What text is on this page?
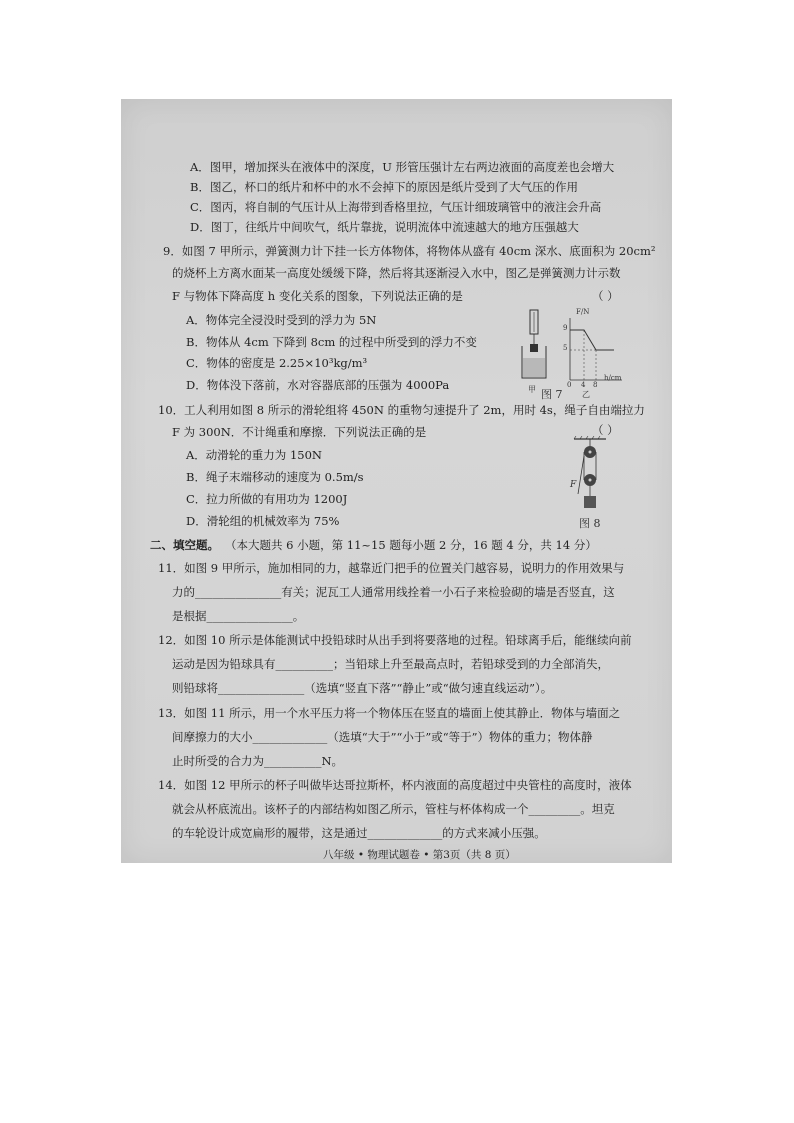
A．图甲，增加探头在液体中的深度，U 形管压强计左右两边液面的高度差也会增大
B．图乙，杯口的纸片和杯中的水不会掉下的原因是纸片受到了大气压的作用
C．图丙，将自制的气压计从上海带到香格里拉，气压计细玻璃管中的液注会升高
D．图丁，往纸片中间吹气，纸片靠拢，说明流体中流速越大的地方压强越大
9．如图 7 甲所示，弹簧测力计下挂一长方体物体，将物体从盛有 40cm 深水、底面积为 20cm²
的烧杯上方离水面某一高度处缓缓下降，然后将其逐渐浸入水中，图乙是弹簧测力计示数
F 与物体下降高度 h 变化关系的图象，下列说法正确的是	（ ）
A．物体完全浸没时受到的浮力为 5N
B．物体从 4cm 下降到 8cm 的过程中所受到的浮力不变
C．物体的密度是 2.25×10³kg/m³
D．物体没下落前，水对容器底部的压强为 4000Pa
F/N
9
5
0 4 8
h/cm
甲
乙
图 7
10．工人利用如图 8 所示的滑轮组将 450N 的重物匀速提升了 2m，用时 4s，绳子自由端拉力
F 为 300N．不计绳重和摩擦．下列说法正确的是	（ ）
A．动滑轮的重力为 150N
B．绳子末端移动的速度为 0.5m/s
C．拉力所做的有用功为 1200J
D．滑轮组的机械效率为 75%
F
图 8
二、填空题。 （本大题共 6 小题，第 11~15 题每小题 2 分，16 题 4 分，共 14 分）
11．如图 9 甲所示，施加相同的力，越靠近门把手的位置关门越容易，说明力的作用效果与
力的_______________有关；泥瓦工人通常用线拴着一小石子来检验砌的墙是否竖直，这
是根据_______________。
12．如图 10 所示是体能测试中投铅球时从出手到将要落地的过程。铅球离手后，能继续向前
运动是因为铅球具有__________；当铅球上升至最高点时，若铅球受到的力全部消失，
则铅球将_______________（选填“竖直下落”“静止”或“做匀速直线运动”）。
13．如图 11 所示，用一个水平压力将一个物体压在竖直的墙面上使其静止．物体与墙面之
间摩擦力的大小_____________（选填“大于”“小于”或“等于”）物体的重力；物体静
止时所受的合力为__________N。
14．如图 12 甲所示的杯子叫做毕达哥拉斯杯，杯内液面的高度超过中央管柱的高度时，液体
就会从杯底流出。该杯子的内部结构如图乙所示，管柱与杯体构成一个_________。坦克
的车轮设计成宽扁形的履带，这是通过_____________的方式来减小压强。
八年级 • 物理试题卷 • 第3页（共 8 页）
